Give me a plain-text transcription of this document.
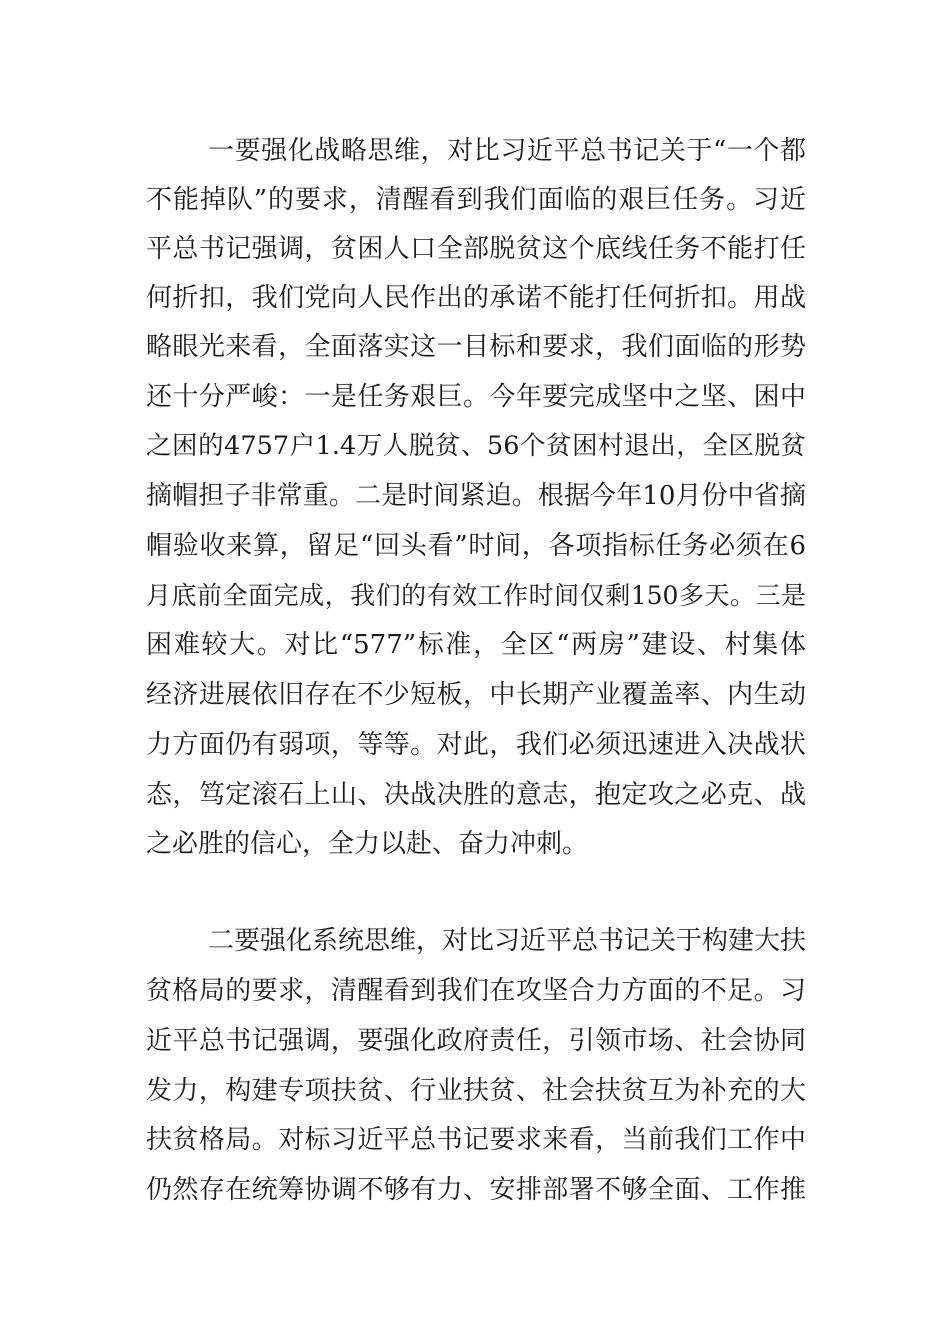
一要强化战略思维，对比习近平总书记关于“一个都
不能掉队”的要求，清醒看到我们面临的艰巨任务。习近
平总书记强调，贫困人口全部脱贫这个底线任务不能打任
何折扣，我们党向人民作出的承诺不能打任何折扣。用战
略眼光来看，全面落实这一目标和要求，我们面临的形势
还十分严峻：一是任务艰巨。今年要完成坚中之坚、困中
之困的4757户1.4万人脱贫、56个贫困村退出，全区脱贫
摘帽担子非常重。二是时间紧迫。根据今年10月份中省摘
帽验收来算，留足“回头看”时间，各项指标任务必须在6
月底前全面完成，我们的有效工作时间仅剩150多天。三是
困难较大。对比“577”标准，全区“两房”建设、村集体
经济进展依旧存在不少短板，中长期产业覆盖率、内生动
力方面仍有弱项，等等。对此，我们必须迅速进入决战状
态，笃定滚石上山、决战决胜的意志，抱定攻之必克、战
之必胜的信心，全力以赴、奋力冲刺。
二要强化系统思维，对比习近平总书记关于构建大扶
贫格局的要求，清醒看到我们在攻坚合力方面的不足。习
近平总书记强调，要强化政府责任，引领市场、社会协同
发力，构建专项扶贫、行业扶贫、社会扶贫互为补充的大
扶贫格局。对标习近平总书记要求来看，当前我们工作中
仍然存在统筹协调不够有力、安排部署不够全面、工作推
